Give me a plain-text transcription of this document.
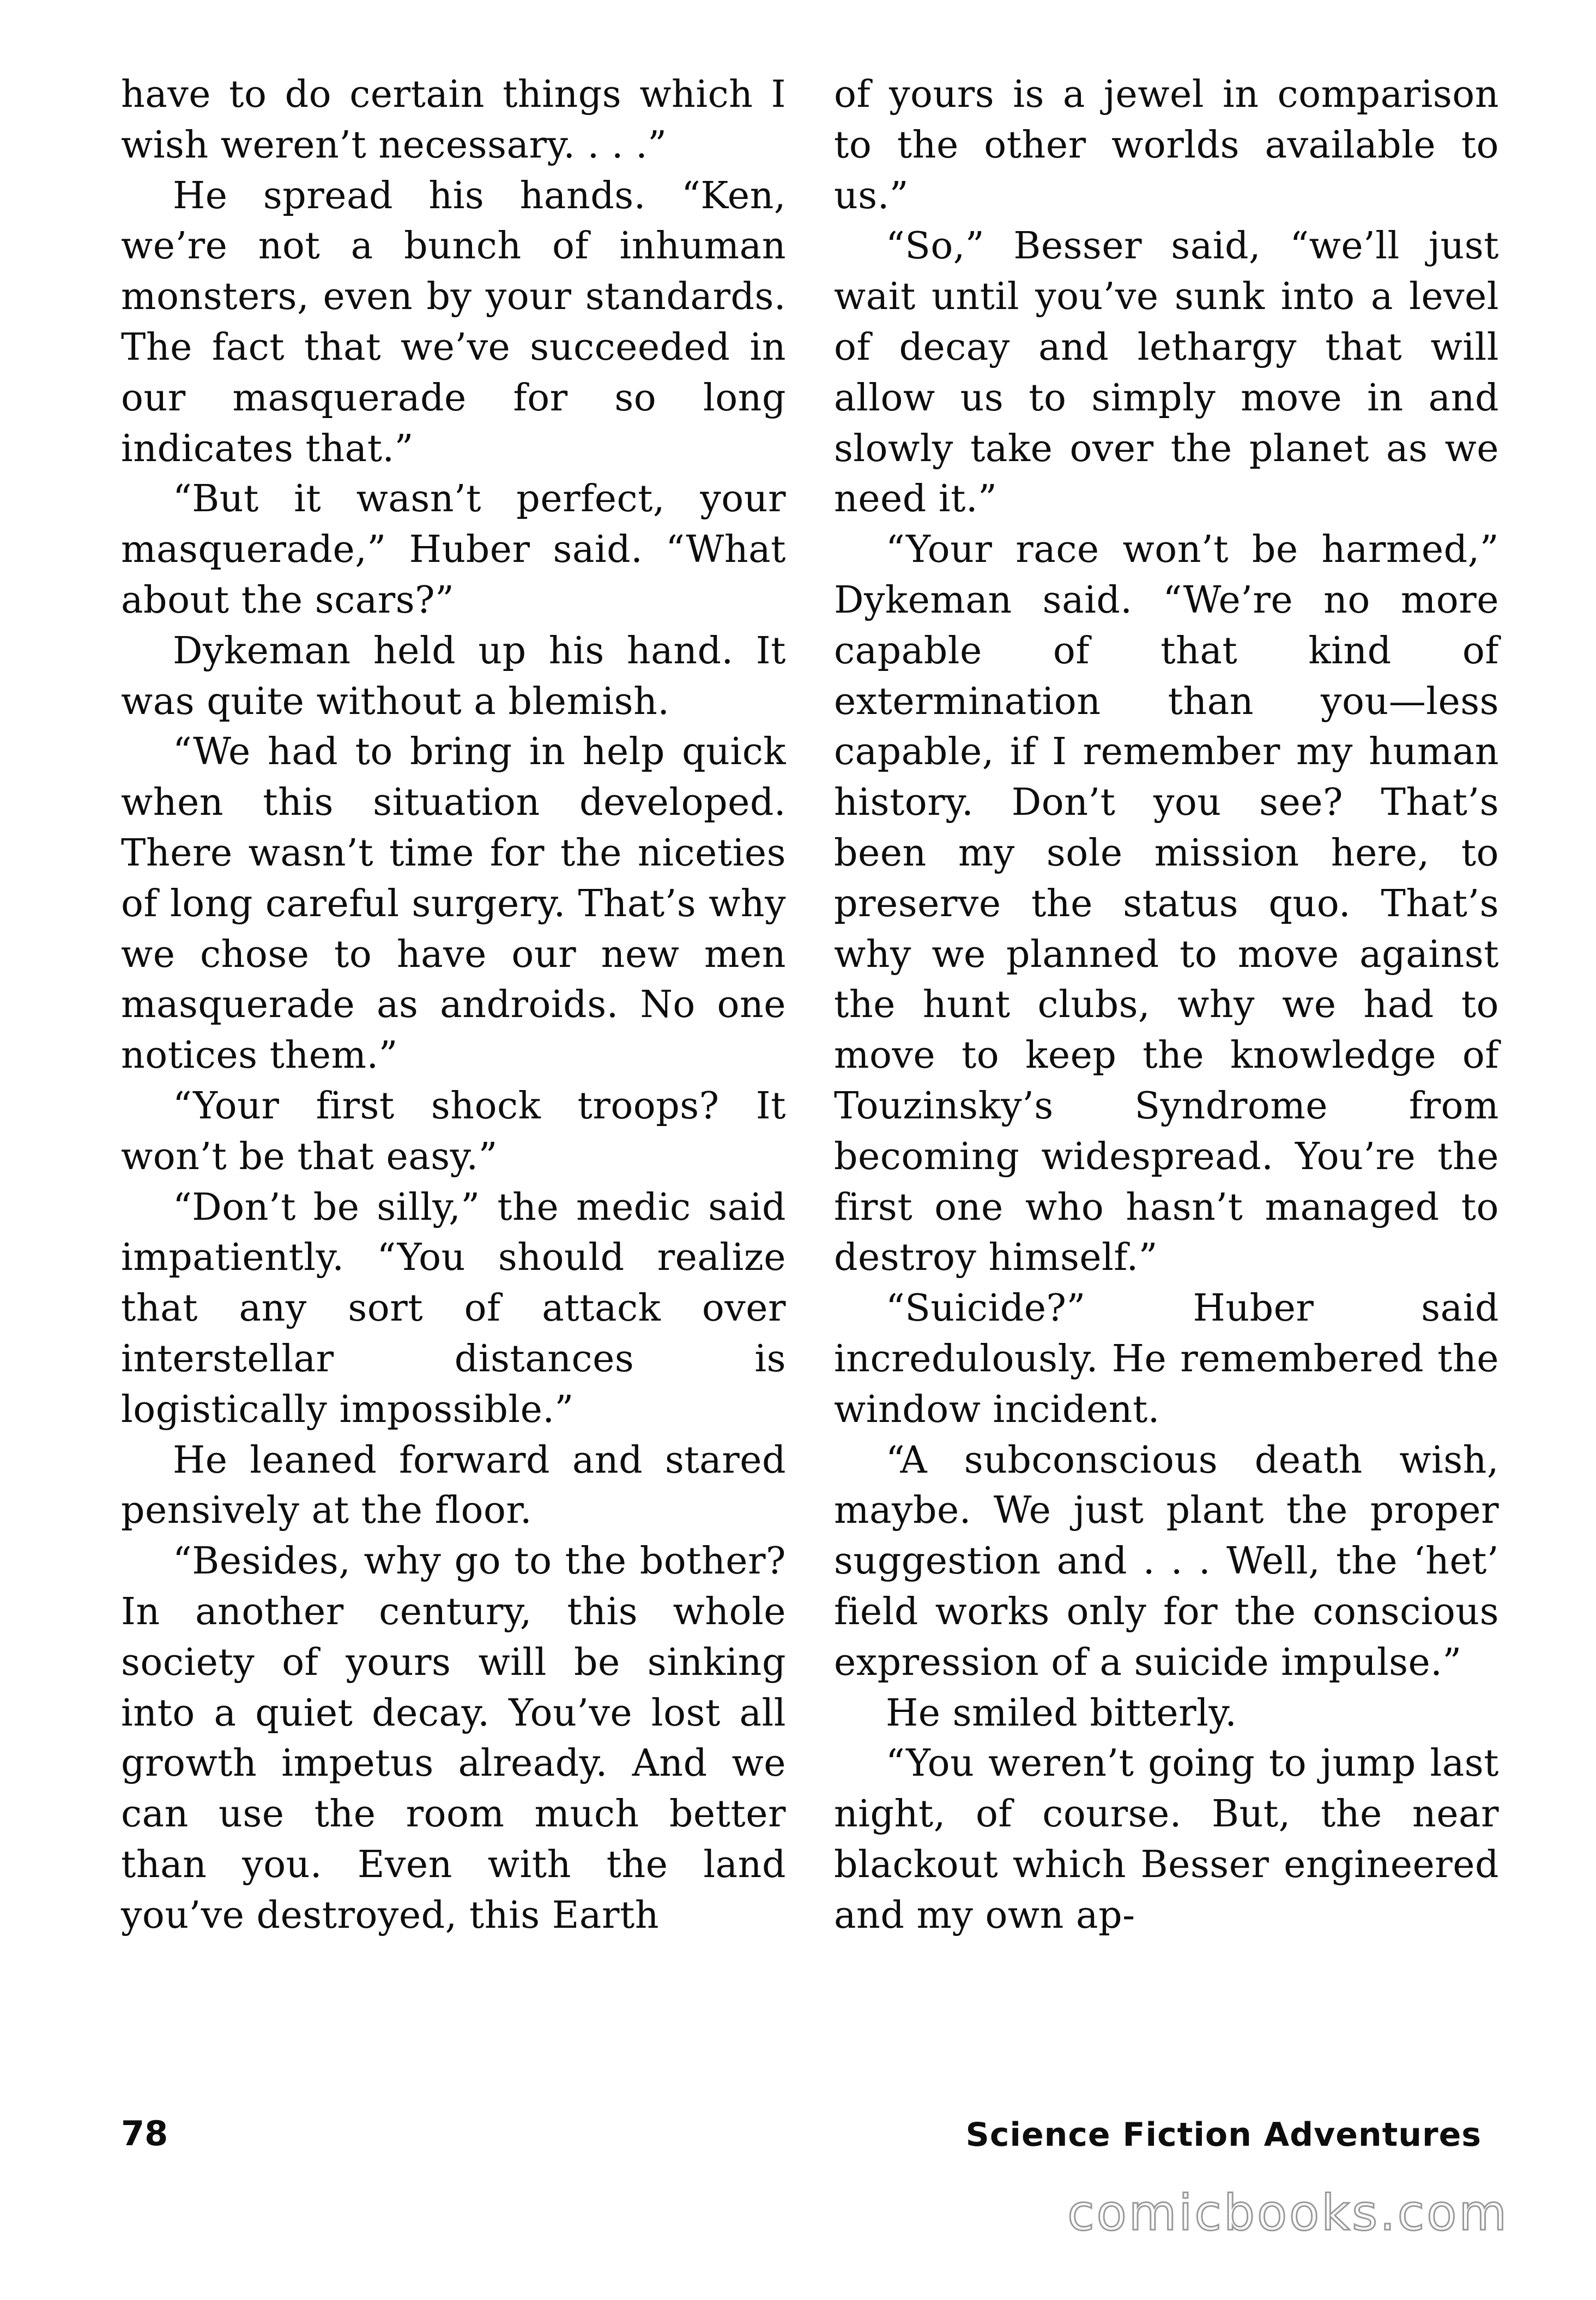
have to do certain things which I wish weren’t necessary. . . .”

He spread his hands. “Ken, we’re not a bunch of inhuman monsters, even by your standards. The fact that we’ve succeeded in our masquerade for so long indicates that.”

“But it wasn’t perfect, your masquerade,” Huber said. “What about the scars?”

Dykeman held up his hand. It was quite without a blemish.

“We had to bring in help quick when this situation developed. There wasn’t time for the niceties of long careful surgery. That’s why we chose to have our new men masquerade as androids. No one notices them.”

“Your first shock troops? It won’t be that easy.”

“Don’t be silly,” the medic said impatiently. “You should realize that any sort of attack over interstellar distances is logistically impossible.”

He leaned forward and stared pensively at the floor.

“Besides, why go to the bother? In another century, this whole society of yours will be sinking into a quiet decay. You’ve lost all growth impetus already. And we can use the room much better than you. Even with the land you’ve destroyed, this Earth

of yours is a jewel in comparison to the other worlds available to us.”

“So,” Besser said, “we’ll just wait until you’ve sunk into a level of decay and lethargy that will allow us to simply move in and slowly take over the planet as we need it.”

“Your race won’t be harmed,” Dykeman said. “We’re no more capable of that kind of extermination than you—less capable, if I remember my human history. Don’t you see? That’s been my sole mission here, to preserve the status quo. That’s why we planned to move against the hunt clubs, why we had to move to keep the knowledge of Touzinsky’s Syndrome from becoming widespread. You’re the first one who hasn’t managed to destroy himself.”

“Suicide?” Huber said incredulously. He remembered the window incident.

“A subconscious death wish, maybe. We just plant the proper suggestion and . . . Well, the ‘het’ field works only for the conscious expression of a suicide impulse.”

He smiled bitterly.

“You weren’t going to jump last night, of course. But, the near blackout which Besser engineered and my own ap-

78	Science Fiction Adventures
comicbooks.com
